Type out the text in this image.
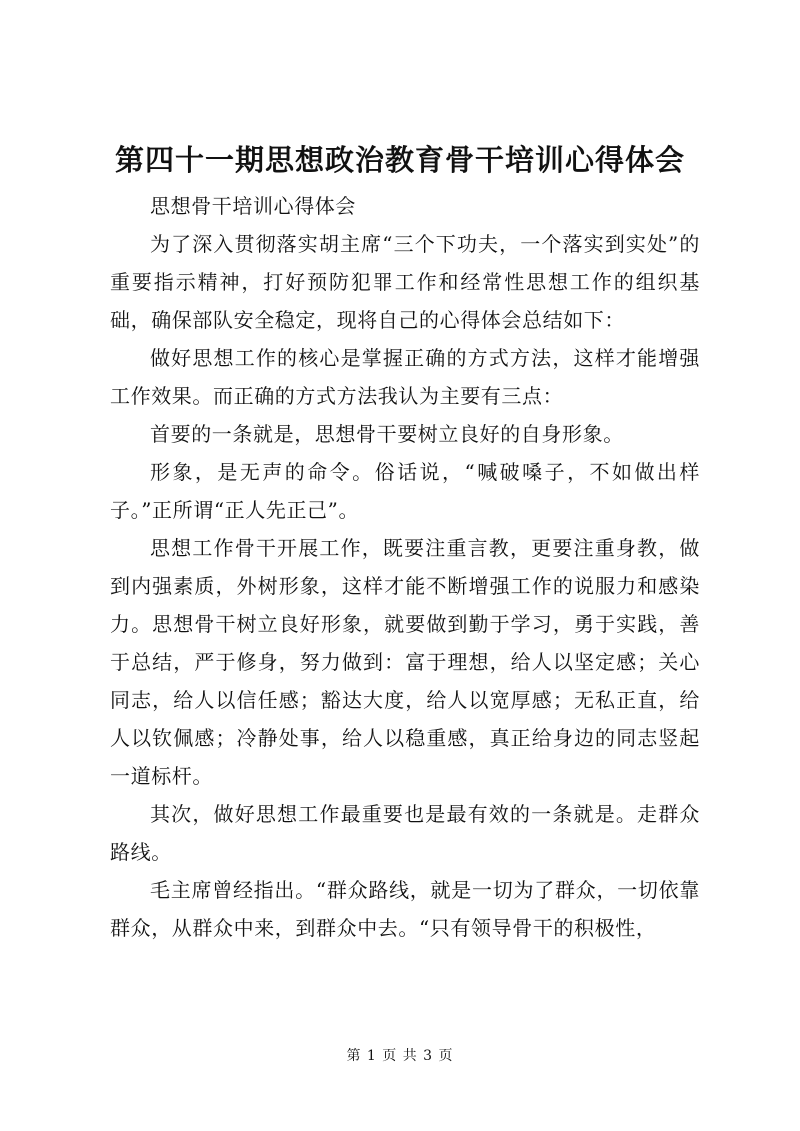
第四十一期思想政治教育骨干培训心得体会

思想骨干培训心得体会

为了深入贯彻落实胡主席“三个下功夫，一个落实到实处”的重要指示精神，打好预防犯罪工作和经常性思想工作的组织基础，确保部队安全稳定，现将自己的心得体会总结如下：

做好思想工作的核心是掌握正确的方式方法，这样才能增强工作效果。而正确的方式方法我认为主要有三点：

首要的一条就是，思想骨干要树立良好的自身形象。

形象，是无声的命令。俗话说，“喊破嗓子，不如做出样子。”正所谓“正人先正己”。

思想工作骨干开展工作，既要注重言教，更要注重身教，做到内强素质，外树形象，这样才能不断增强工作的说服力和感染力。思想骨干树立良好形象，就要做到勤于学习，勇于实践，善于总结，严于修身，努力做到：富于理想，给人以坚定感；关心同志，给人以信任感；豁达大度，给人以宽厚感；无私正直，给人以钦佩感；冷静处事，给人以稳重感，真正给身边的同志竖起一道标杆。

其次，做好思想工作最重要也是最有效的一条就是。走群众路线。

毛主席曾经指出。“群众路线，就是一切为了群众，一切依靠群众，从群众中来，到群众中去。“只有领导骨干的积极性，

第 1 页 共 3 页
